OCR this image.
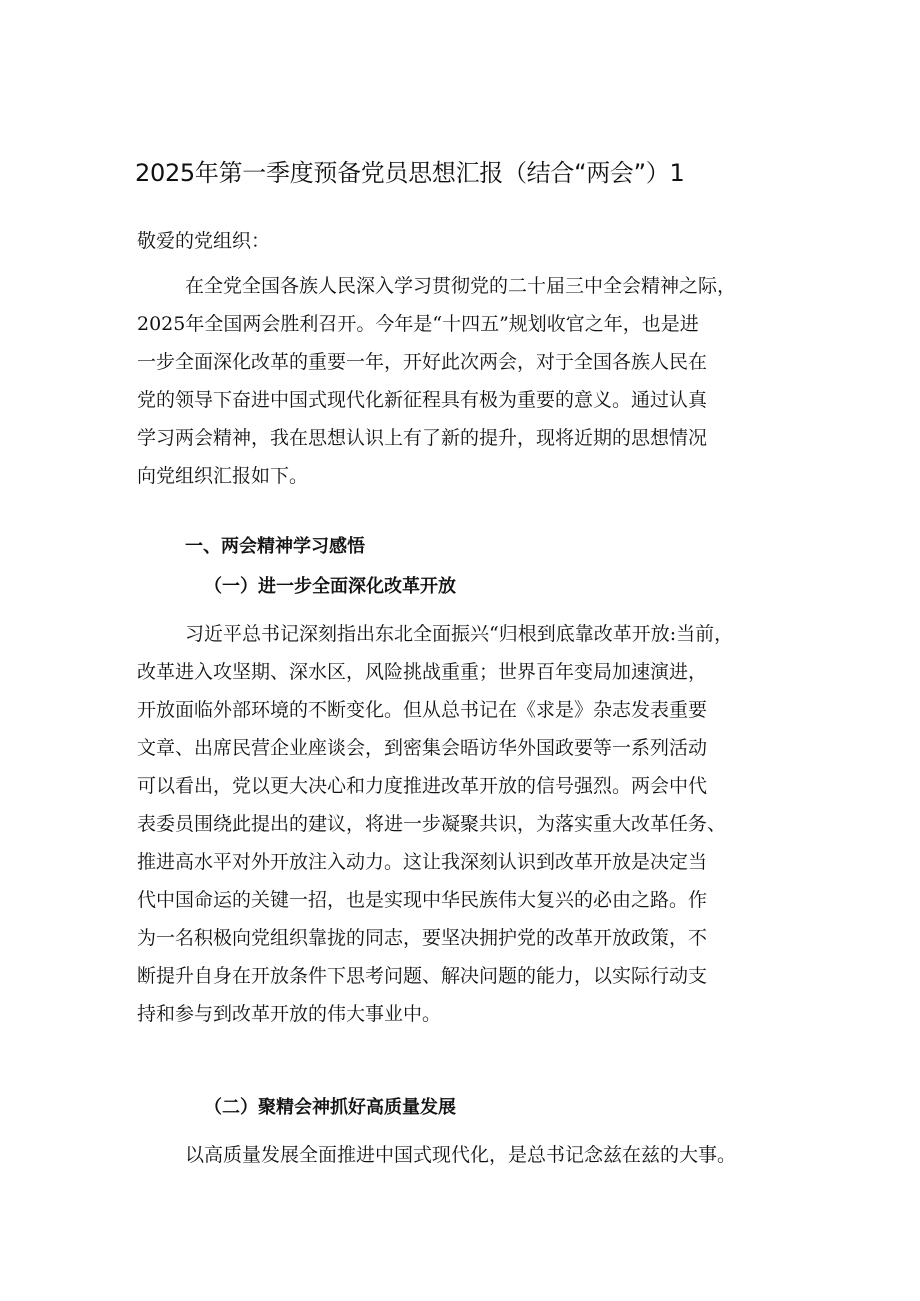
2025年第一季度预备党员思想汇报（结合“两会”）1
敬爱的党组织：
在全党全国各族人民深入学习贯彻党的二十届三中全会精神之际，
2025年全国两会胜利召开。今年是“十四五”规划收官之年，也是进
一步全面深化改革的重要一年，开好此次两会，对于全国各族人民在
党的领导下奋进中国式现代化新征程具有极为重要的意义。通过认真
学习两会精神，我在思想认识上有了新的提升，现将近期的思想情况
向党组织汇报如下。
一、两会精神学习感悟
（一）进一步全面深化改革开放
习近平总书记深刻指出东北全面振兴“归根到底靠改革开放:当前，
改革进入攻坚期、深水区，风险挑战重重；世界百年变局加速演进，
开放面临外部环境的不断变化。但从总书记在《求是》杂志发表重要
文章、出席民营企业座谈会，到密集会晤访华外国政要等一系列活动
可以看出，党以更大决心和力度推进改革开放的信号强烈。两会中代
表委员围绕此提出的建议，将进一步凝聚共识，为落实重大改革任务、
推进高水平对外开放注入动力。这让我深刻认识到改革开放是决定当
代中国命运的关键一招，也是实现中华民族伟大复兴的必由之路。作
为一名积极向党组织靠拢的同志，要坚决拥护党的改革开放政策，不
断提升自身在开放条件下思考问题、解决问题的能力，以实际行动支
持和参与到改革开放的伟大事业中。
（二）聚精会神抓好高质量发展
以高质量发展全面推进中国式现代化，是总书记念兹在兹的大事。
